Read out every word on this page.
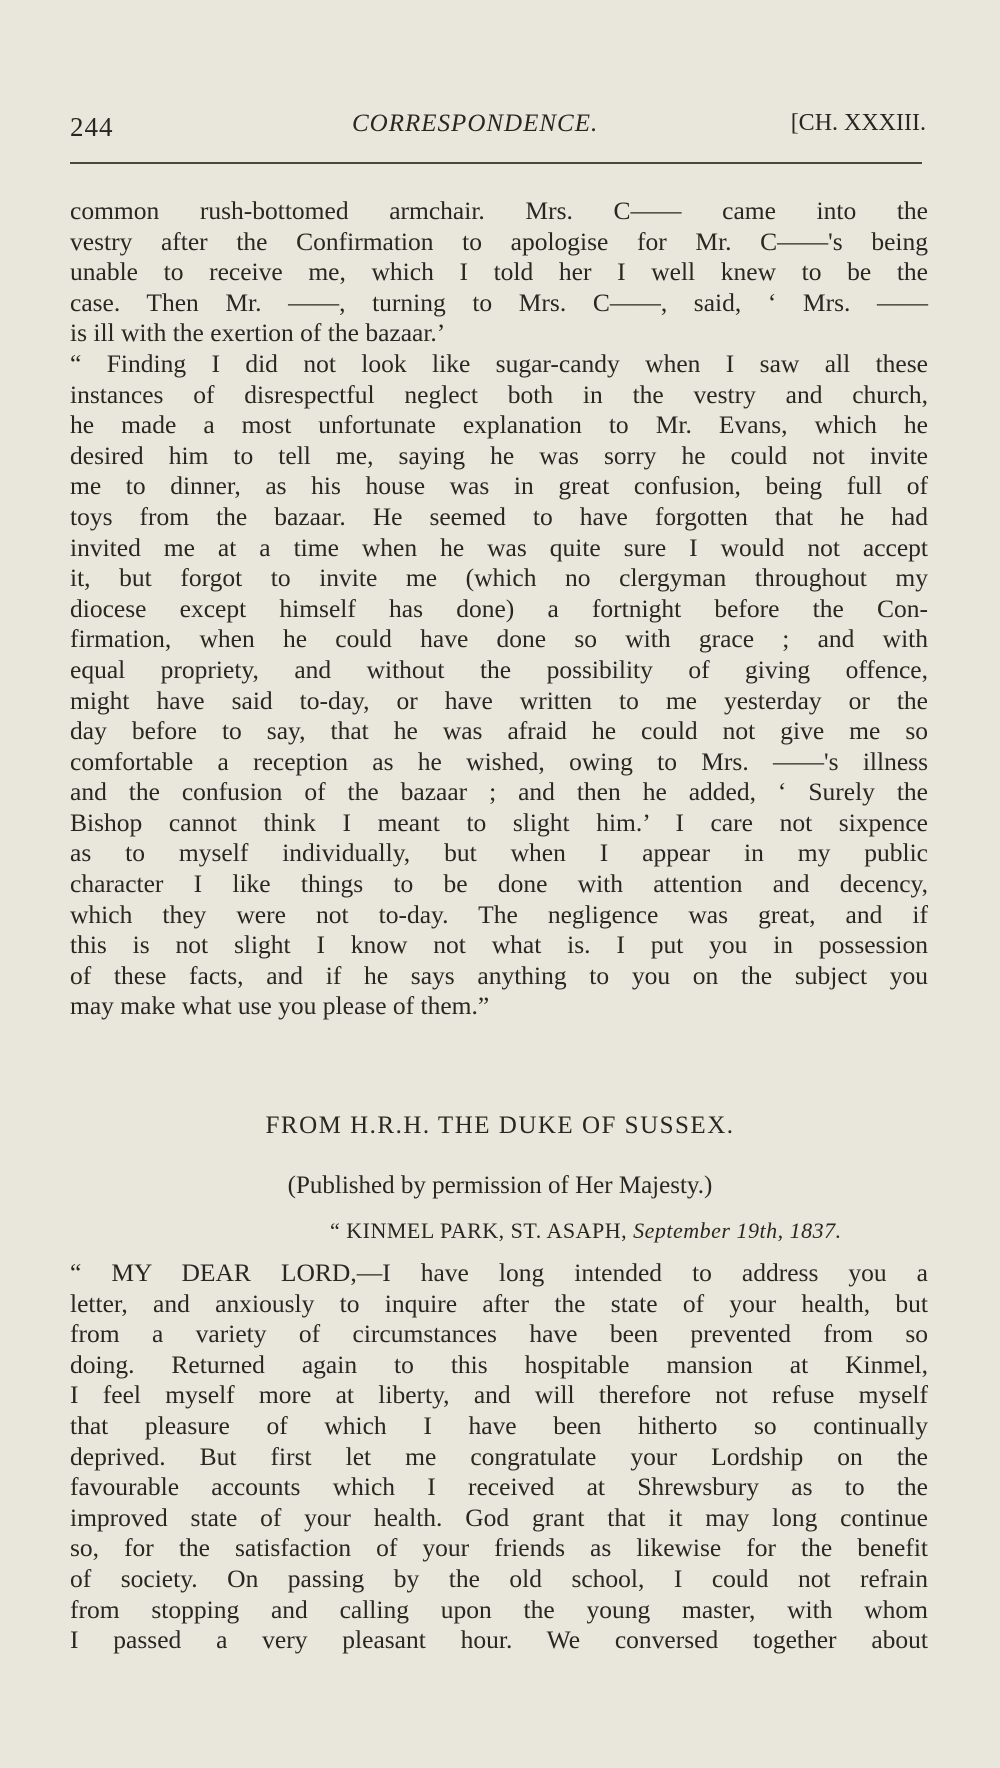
244	CORRESPONDENCE.	[CH. XXXIII.
common rush-bottomed armchair. Mrs. C—— came into the
vestry after the Confirmation to apologise for Mr. C——'s being
unable to receive me, which I told her I well knew to be the
case. Then Mr. ——, turning to Mrs. C——, said, ‘ Mrs. ——
is ill with the exertion of the bazaar.’
“ Finding I did not look like sugar-candy when I saw all these
instances of disrespectful neglect both in the vestry and church,
he made a most unfortunate explanation to Mr. Evans, which he
desired him to tell me, saying he was sorry he could not invite
me to dinner, as his house was in great confusion, being full of
toys from the bazaar. He seemed to have forgotten that he had
invited me at a time when he was quite sure I would not accept
it, but forgot to invite me (which no clergyman throughout my
diocese except himself has done) a fortnight before the Con-
firmation, when he could have done so with grace ; and with
equal propriety, and without the possibility of giving offence,
might have said to-day, or have written to me yesterday or the
day before to say, that he was afraid he could not give me so
comfortable a reception as he wished, owing to Mrs. ——'s illness
and the confusion of the bazaar ; and then he added, ‘ Surely the
Bishop cannot think I meant to slight him.’ I care not sixpence
as to myself individually, but when I appear in my public
character I like things to be done with attention and decency,
which they were not to-day. The negligence was great, and if
this is not slight I know not what is. I put you in possession
of these facts, and if he says anything to you on the subject you
may make what use you please of them.”
FROM H.R.H. THE DUKE OF SUSSEX.
(Published by permission of Her Majesty.)
“ KINMEL PARK, ST. ASAPH, September 19th, 1837.
“ MY DEAR LORD,—I have long intended to address you a
letter, and anxiously to inquire after the state of your health, but
from a variety of circumstances have been prevented from so
doing. Returned again to this hospitable mansion at Kinmel,
I feel myself more at liberty, and will therefore not refuse myself
that pleasure of which I have been hitherto so continually
deprived. But first let me congratulate your Lordship on the
favourable accounts which I received at Shrewsbury as to the
improved state of your health. God grant that it may long continue
so, for the satisfaction of your friends as likewise for the benefit
of society. On passing by the old school, I could not refrain
from stopping and calling upon the young master, with whom
I passed a very pleasant hour. We conversed together about
